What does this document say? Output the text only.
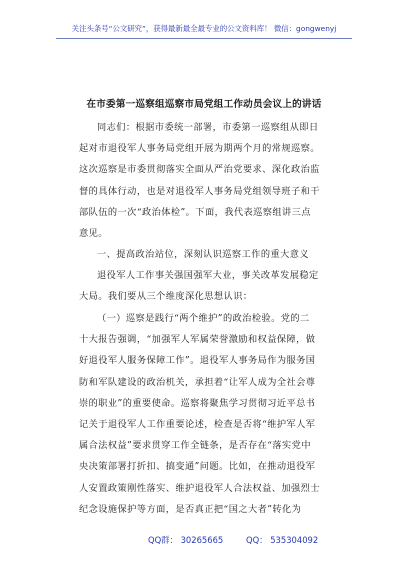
关注头条号“公文研究”，获得最新最全最专业的公文资料库！ 微信：gongwenyj
在市委第一巡察组巡察市局党组工作动员会议上的讲话

同志们：根据市委统一部署，市委第一巡察组从即日
起对市退役军人事务局党组开展为期两个月的常规巡察。
这次巡察是市委贯彻落实全面从严治党要求、深化政治监
督的具体行动，也是对退役军人事务局党组领导班子和干
部队伍的一次“政治体检”。下面，我代表巡察组讲三点
意见。

一、提高政治站位，深刻认识巡察工作的重大意义

退役军人工作事关强国强军大业，事关改革发展稳定
大局。我们要从三个维度深化思想认识：

（一）巡察是践行“两个维护”的政治检验。党的二
十大报告强调，“加强军人军属荣誉激励和权益保障，做
好退役军人服务保障工作”。退役军人事务局作为服务国
防和军队建设的政治机关，承担着“让军人成为全社会尊
崇的职业”的重要使命。巡察将聚焦学习贯彻习近平总书
记关于退役军人工作重要论述，检查是否将“维护军人军
属合法权益”要求贯穿工作全链条，是否存在“落实党中
央决策部署打折扣、搞变通”问题。比如，在推动退役军
人安置政策刚性落实、维护退役军人合法权益、加强烈士
纪念设施保护等方面，是否真正把“国之大者”转化为

QQ群： 30265665	QQ： 535304092
